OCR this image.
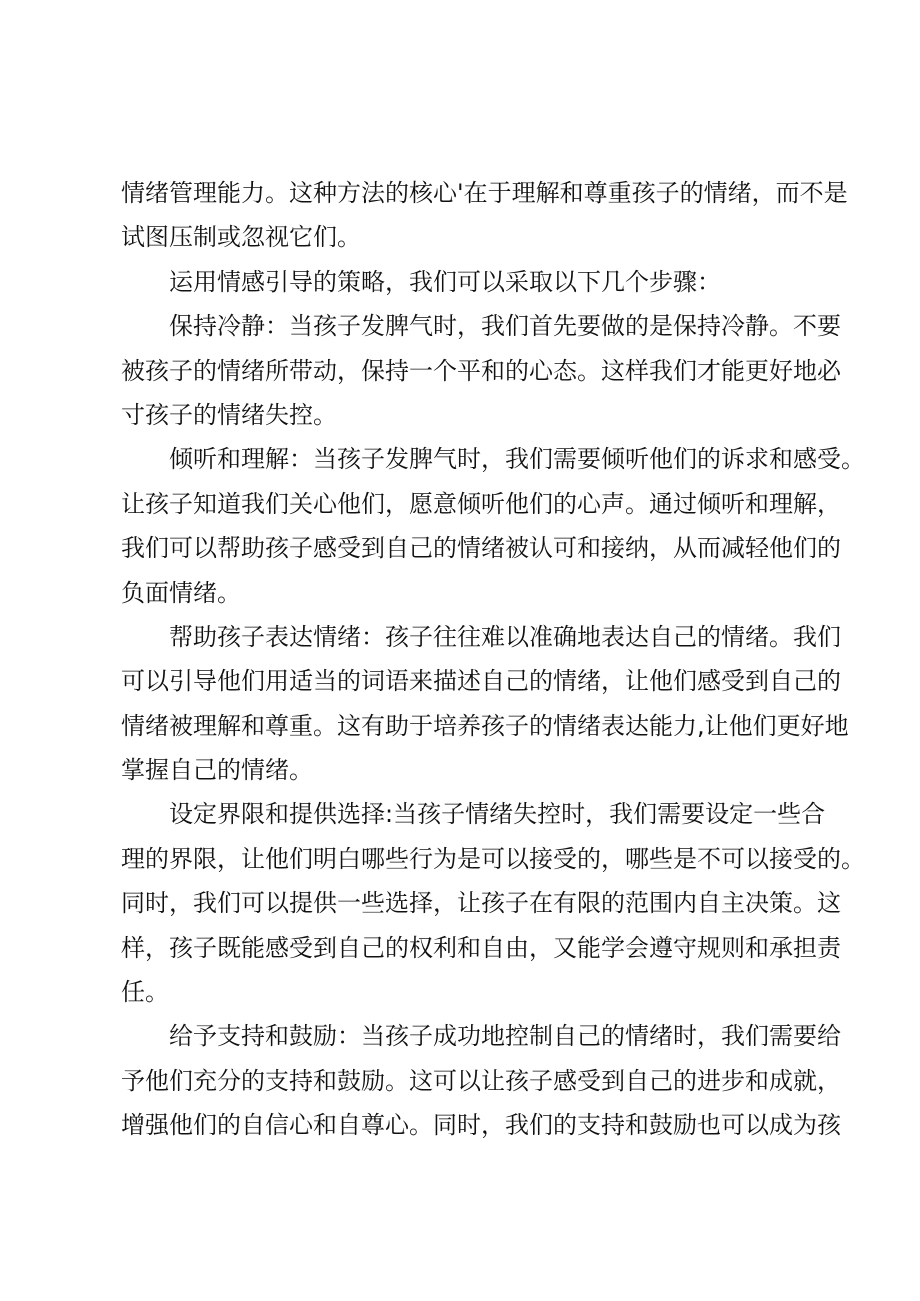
情绪管理能力。这种方法的核心'在于理解和尊重孩子的情绪，而不是
试图压制或忽视它们。
运用情感引导的策略，我们可以采取以下几个步骤：
保持冷静：当孩子发脾气时，我们首先要做的是保持冷静。不要
被孩子的情绪所带动，保持一个平和的心态。这样我们才能更好地必
寸孩子的情绪失控。
倾听和理解：当孩子发脾气时，我们需要倾听他们的诉求和感受。
让孩子知道我们关心他们，愿意倾听他们的心声。通过倾听和理解，
我们可以帮助孩子感受到自己的情绪被认可和接纳，从而减轻他们的
负面情绪。
帮助孩子表达情绪：孩子往往难以准确地表达自己的情绪。我们
可以引导他们用适当的词语来描述自己的情绪，让他们感受到自己的
情绪被理解和尊重。这有助于培养孩子的情绪表达能力,让他们更好地
掌握自己的情绪。
设定界限和提供选择:当孩子情绪失控时，我们需要设定一些合
理的界限，让他们明白哪些行为是可以接受的，哪些是不可以接受的。
同时，我们可以提供一些选择，让孩子在有限的范围内自主决策。这
样，孩子既能感受到自己的权利和自由，又能学会遵守规则和承担责
任。
给予支持和鼓励：当孩子成功地控制自己的情绪时，我们需要给
予他们充分的支持和鼓励。这可以让孩子感受到自己的进步和成就，
增强他们的自信心和自尊心。同时，我们的支持和鼓励也可以成为孩
